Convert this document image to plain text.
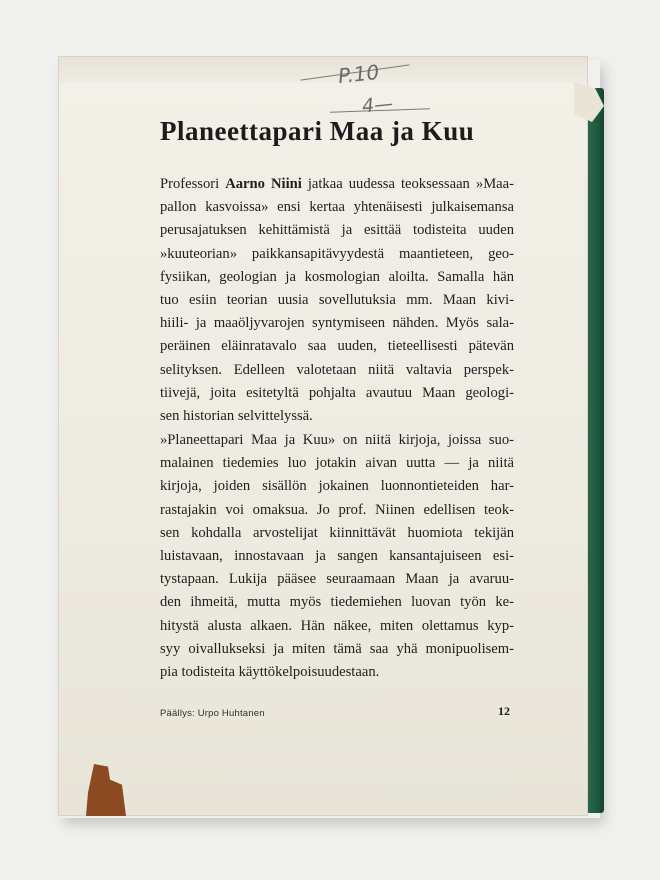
P.10
4—
Planeettapari Maa ja Kuu
Professori Aarno Niini jatkaa uudessa teoksessaan »Maa-
pallon kasvoissa» ensi kertaa yhtenäisesti julkaisemansa
perusajatuksen kehittämistä ja esittää todisteita uuden
»kuuteorian» paikkansapitävyydestä maantieteen, geo-
fysiikan, geologian ja kosmologian aloilta. Samalla hän
tuo esiin teorian uusia sovellutuksia mm. Maan kivi-
hiili- ja maaöljyvarojen syntymiseen nähden. Myös sala-
peräinen eläinratavalo saa uuden, tieteellisesti pätevän
selityksen. Edelleen valotetaan niitä valtavia perspek-
tiivejä, joita esitetyltä pohjalta avautuu Maan geologi-
sen historian selvittelyssä.
»Planeettapari Maa ja Kuu» on niitä kirjoja, joissa suo-
malainen tiedemies luo jotakin aivan uutta — ja niitä
kirjoja, joiden sisällön jokainen luonnontieteiden har-
rastajakin voi omaksua. Jo prof. Niinen edellisen teok-
sen kohdalla arvostelijat kiinnittävät huomiota tekijän
luistavaan, innostavaan ja sangen kansantajuiseen esi-
tystapaan. Lukija pääsee seuraamaan Maan ja avaruu-
den ihmeitä, mutta myös tiedemiehen luovan työn ke-
hitystä alusta alkaen. Hän näkee, miten olettamus kyp-
syy oivallukseksi ja miten tämä saa yhä monipuolisem-
pia todisteita käyttökelpoisuudestaan.
Päällys: Urpo Huhtanen	12
